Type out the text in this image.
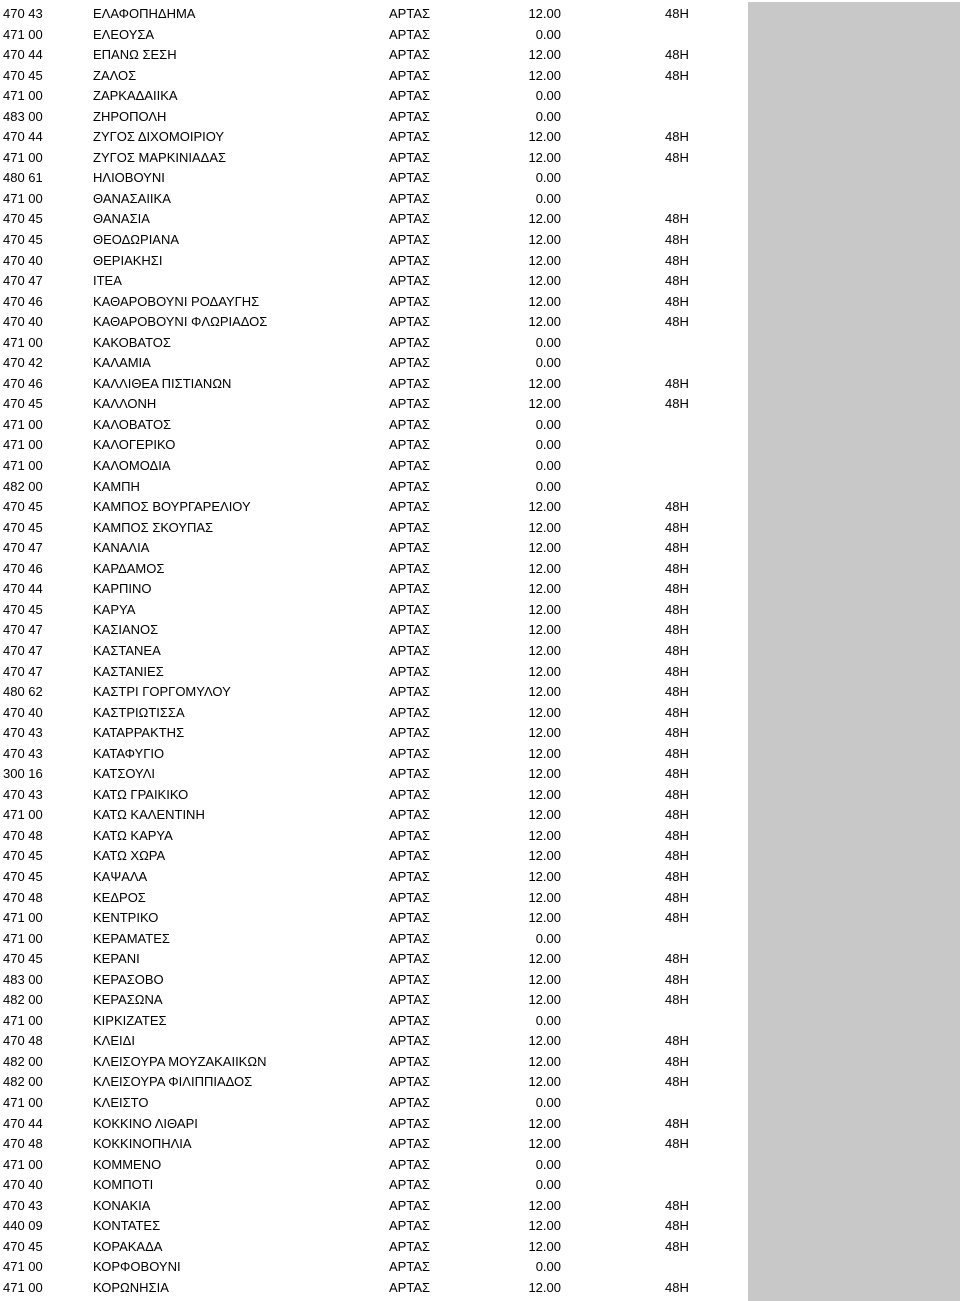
470 43	ΕΛΑΦΟΠΗΔΗΜΑ	ΑΡΤΑΣ	12.00	48Η
471 00	ΕΛΕΟΥΣΑ	ΑΡΤΑΣ	0.00
470 44	ΕΠΑΝΩ ΣΕΣΗ	ΑΡΤΑΣ	12.00	48Η
470 45	ΖΑΛΟΣ	ΑΡΤΑΣ	12.00	48Η
471 00	ΖΑΡΚΑΔΑΙΙΚΑ	ΑΡΤΑΣ	0.00
483 00	ΖΗΡΟΠΟΛΗ	ΑΡΤΑΣ	0.00
470 44	ΖΥΓΟΣ ΔΙΧΟΜΟΙΡΙΟΥ	ΑΡΤΑΣ	12.00	48Η
471 00	ΖΥΓΟΣ ΜΑΡΚΙΝΙΑΔΑΣ	ΑΡΤΑΣ	12.00	48Η
480 61	ΗΛΙΟΒΟΥΝΙ	ΑΡΤΑΣ	0.00
471 00	ΘΑΝΑΣΑΙΙΚΑ	ΑΡΤΑΣ	0.00
470 45	ΘΑΝΑΣΙΑ	ΑΡΤΑΣ	12.00	48Η
470 45	ΘΕΟΔΩΡΙΑΝΑ	ΑΡΤΑΣ	12.00	48Η
470 40	ΘΕΡΙΑΚΗΣΙ	ΑΡΤΑΣ	12.00	48Η
470 47	ΙΤΕΑ	ΑΡΤΑΣ	12.00	48Η
470 46	ΚΑΘΑΡΟΒΟΥΝΙ ΡΟΔΑΥΓΗΣ	ΑΡΤΑΣ	12.00	48Η
470 40	ΚΑΘΑΡΟΒΟΥΝΙ ΦΛΩΡΙΑΔΟΣ	ΑΡΤΑΣ	12.00	48Η
471 00	ΚΑΚΟΒΑΤΟΣ	ΑΡΤΑΣ	0.00
470 42	ΚΑΛΑΜΙΑ	ΑΡΤΑΣ	0.00
470 46	ΚΑΛΛΙΘΕΑ ΠΙΣΤΙΑΝΩΝ	ΑΡΤΑΣ	12.00	48Η
470 45	ΚΑΛΛΟΝΗ	ΑΡΤΑΣ	12.00	48Η
471 00	ΚΑΛΟΒΑΤΟΣ	ΑΡΤΑΣ	0.00
471 00	ΚΑΛΟΓΕΡΙΚΟ	ΑΡΤΑΣ	0.00
471 00	ΚΑΛΟΜΟΔΙΑ	ΑΡΤΑΣ	0.00
482 00	ΚΑΜΠΗ	ΑΡΤΑΣ	0.00
470 45	ΚΑΜΠΟΣ ΒΟΥΡΓΑΡΕΛΙΟΥ	ΑΡΤΑΣ	12.00	48Η
470 45	ΚΑΜΠΟΣ ΣΚΟΥΠΑΣ	ΑΡΤΑΣ	12.00	48Η
470 47	ΚΑΝΑΛΙΑ	ΑΡΤΑΣ	12.00	48Η
470 46	ΚΑΡΔΑΜΟΣ	ΑΡΤΑΣ	12.00	48Η
470 44	ΚΑΡΠΙΝΟ	ΑΡΤΑΣ	12.00	48Η
470 45	ΚΑΡΥΑ	ΑΡΤΑΣ	12.00	48Η
470 47	ΚΑΣΙΑΝΟΣ	ΑΡΤΑΣ	12.00	48Η
470 47	ΚΑΣΤΑΝΕΑ	ΑΡΤΑΣ	12.00	48Η
470 47	ΚΑΣΤΑΝΙΕΣ	ΑΡΤΑΣ	12.00	48Η
480 62	ΚΑΣΤΡΙ ΓΟΡΓΟΜΥΛΟΥ	ΑΡΤΑΣ	12.00	48Η
470 40	ΚΑΣΤΡΙΩΤΙΣΣΑ	ΑΡΤΑΣ	12.00	48Η
470 43	ΚΑΤΑΡΡΑΚΤΗΣ	ΑΡΤΑΣ	12.00	48Η
470 43	ΚΑΤΑΦΥΓΙΟ	ΑΡΤΑΣ	12.00	48Η
300 16	ΚΑΤΣΟΥΛΙ	ΑΡΤΑΣ	12.00	48Η
470 43	ΚΑΤΩ ΓΡΑΙΚΙΚΟ	ΑΡΤΑΣ	12.00	48Η
471 00	ΚΑΤΩ ΚΑΛΕΝΤΙΝΗ	ΑΡΤΑΣ	12.00	48Η
470 48	ΚΑΤΩ ΚΑΡΥΑ	ΑΡΤΑΣ	12.00	48Η
470 45	ΚΑΤΩ ΧΩΡΑ	ΑΡΤΑΣ	12.00	48Η
470 45	ΚΑΨΑΛΑ	ΑΡΤΑΣ	12.00	48Η
470 48	ΚΕΔΡΟΣ	ΑΡΤΑΣ	12.00	48Η
471 00	ΚΕΝΤΡΙΚΟ	ΑΡΤΑΣ	12.00	48Η
471 00	ΚΕΡΑΜΑΤΕΣ	ΑΡΤΑΣ	0.00
470 45	ΚΕΡΑΝΙ	ΑΡΤΑΣ	12.00	48Η
483 00	ΚΕΡΑΣΟΒΟ	ΑΡΤΑΣ	12.00	48Η
482 00	ΚΕΡΑΣΩΝΑ	ΑΡΤΑΣ	12.00	48Η
471 00	ΚΙΡΚΙΖΑΤΕΣ	ΑΡΤΑΣ	0.00
470 48	ΚΛΕΙΔΙ	ΑΡΤΑΣ	12.00	48Η
482 00	ΚΛΕΙΣΟΥΡΑ ΜΟΥΖΑΚΑΙΙΚΩΝ	ΑΡΤΑΣ	12.00	48Η
482 00	ΚΛΕΙΣΟΥΡΑ ΦΙΛΙΠΠΙΑΔΟΣ	ΑΡΤΑΣ	12.00	48Η
471 00	ΚΛΕΙΣΤΟ	ΑΡΤΑΣ	0.00
470 44	ΚΟΚΚΙΝΟ ΛΙΘΑΡΙ	ΑΡΤΑΣ	12.00	48Η
470 48	ΚΟΚΚΙΝΟΠΗΛΙΑ	ΑΡΤΑΣ	12.00	48Η
471 00	ΚΟΜΜΕΝΟ	ΑΡΤΑΣ	0.00
470 40	ΚΟΜΠΟΤΙ	ΑΡΤΑΣ	0.00
470 43	ΚΟΝΑΚΙΑ	ΑΡΤΑΣ	12.00	48Η
440 09	ΚΟΝΤΑΤΕΣ	ΑΡΤΑΣ	12.00	48Η
470 45	ΚΟΡΑΚΑΔΑ	ΑΡΤΑΣ	12.00	48Η
471 00	ΚΟΡΦΟΒΟΥΝΙ	ΑΡΤΑΣ	0.00
471 00	ΚΟΡΩΝΗΣΙΑ	ΑΡΤΑΣ	12.00	48Η
